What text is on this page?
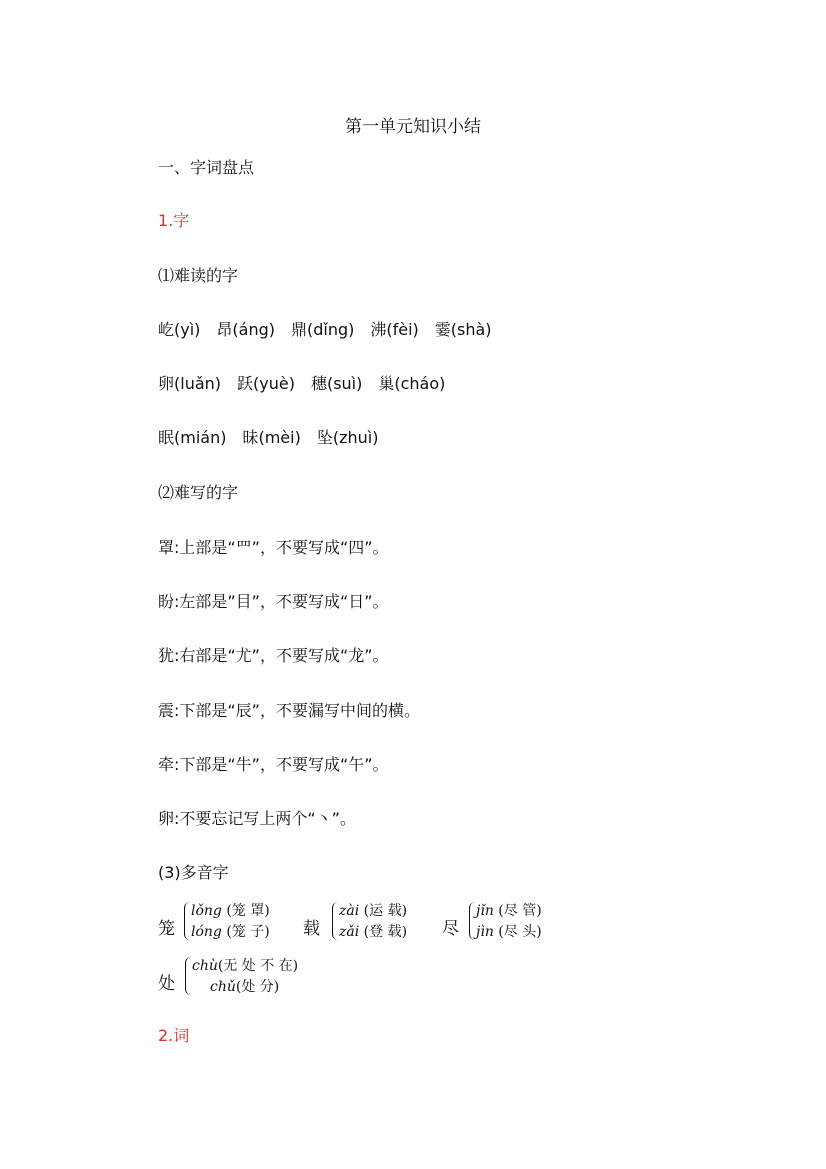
第一单元知识小结
一、字词盘点
1.字
⑴难读的字
屹(yì)　昂(áng)　鼎(dǐng)　沸(fèi)　霎(shà)
卵(luǎn)　跃(yuè)　穗(suì)　巢(cháo)
眠(mián)　昧(mèi)　坠(zhuì)
⑵难写的字
罩:上部是“罒”，不要写成“四”。
盼:左部是”目”，不要写成“日”。
犹:右部是“尤”，不要写成“龙”。
震:下部是“辰”，不要漏写中间的横。
牵:下部是“牛”，不要写成“午”。
卵:不要忘记写上两个“丶”。
(3)多音字
笼
lǒng (笼 罩)
lóng (笼 子) 载
zài (运 载)
zǎi (登 载) 尽
jǐn (尽 管)
jìn (尽 头)
处
chù(无 处 不 在)
chǔ(处 分)
2.词
